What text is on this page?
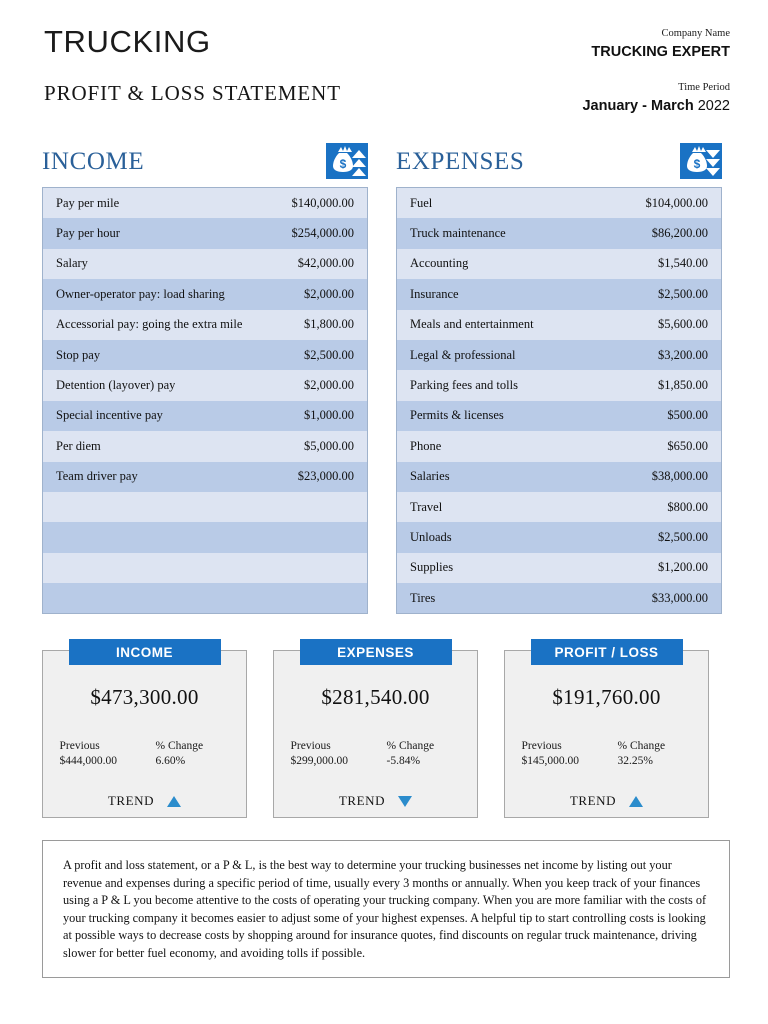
TRUCKING
PROFIT & LOSS STATEMENT
Company Name
TRUCKING EXPERT
Time Period
January - March 2022
INCOME	$
Pay per mile	$140,000.00
Pay per hour	$254,000.00
Salary	$42,000.00
Owner-operator pay: load sharing	$2,000.00
Accessorial pay: going the extra mile	$1,800.00
Stop pay	$2,500.00
Detention (layover) pay	$2,000.00
Special incentive pay	$1,000.00
Per diem	$5,000.00
Team driver pay	$23,000.00
EXPENSES	$
Fuel	$104,000.00
Truck maintenance	$86,200.00
Accounting	$1,540.00
Insurance	$2,500.00
Meals and entertainment	$5,600.00
Legal & professional	$3,200.00
Parking fees and tolls	$1,850.00
Permits & licenses	$500.00
Phone	$650.00
Salaries	$38,000.00
Travel	$800.00
Unloads	$2,500.00
Supplies	$1,200.00
Tires	$33,000.00
INCOME
$473,300.00
Previous
$444,000.00
% Change
6.60%
TREND
EXPENSES
$281,540.00
Previous
$299,000.00
% Change
-5.84%
TREND
PROFIT / LOSS
$191,760.00
Previous
$145,000.00
% Change
32.25%
TREND

A profit and loss statement, or a P & L, is the best way to determine your trucking businesses net income by listing out your revenue and expenses during a specific period of time, usually every 3 months or annually. When you keep track of your finances using a P & L you become attentive to the costs of operating your trucking company. When you are more familiar with the costs of your trucking company it becomes easier to adjust some of your highest expenses. A helpful tip to start controlling costs is looking at possible ways to decrease costs by shopping around for insurance quotes, find discounts on regular truck maintenance, driving slower for better fuel economy, and avoiding tolls if possible.
